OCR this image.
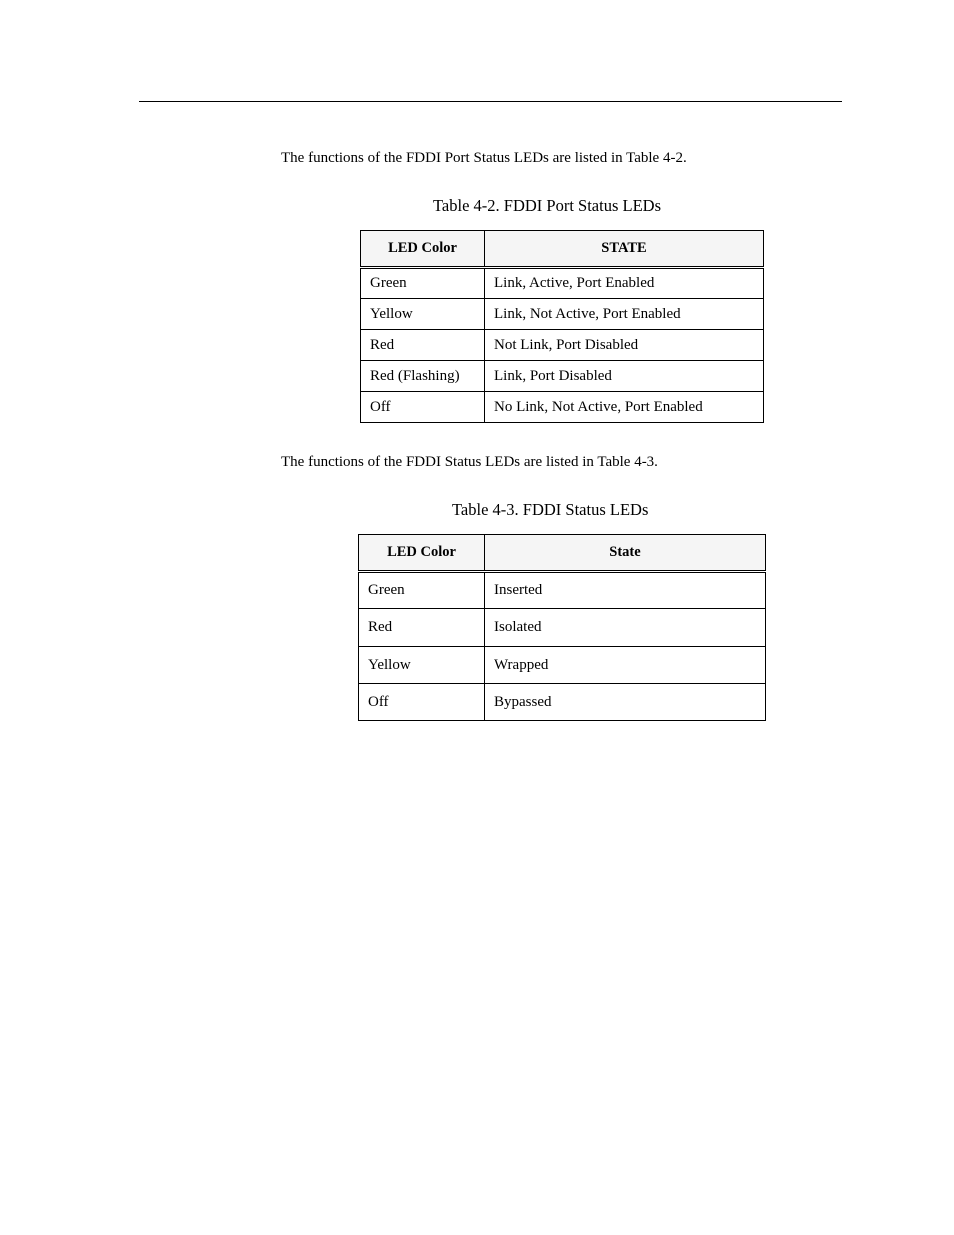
The functions of the FDDI Port Status LEDs are listed in Table 4-2.

Table 4-2. FDDI Port Status LEDs

LED Color	STATE
Green	Link, Active, Port Enabled
Yellow	Link, Not Active, Port Enabled
Red	Not Link, Port Disabled
Red (Flashing)	Link, Port Disabled
Off	No Link, Not Active, Port Enabled

The functions of the FDDI Status LEDs are listed in Table 4-3.

Table 4-3. FDDI Status LEDs

LED Color	State
Green	Inserted
Red	Isolated
Yellow	Wrapped
Off	Bypassed
